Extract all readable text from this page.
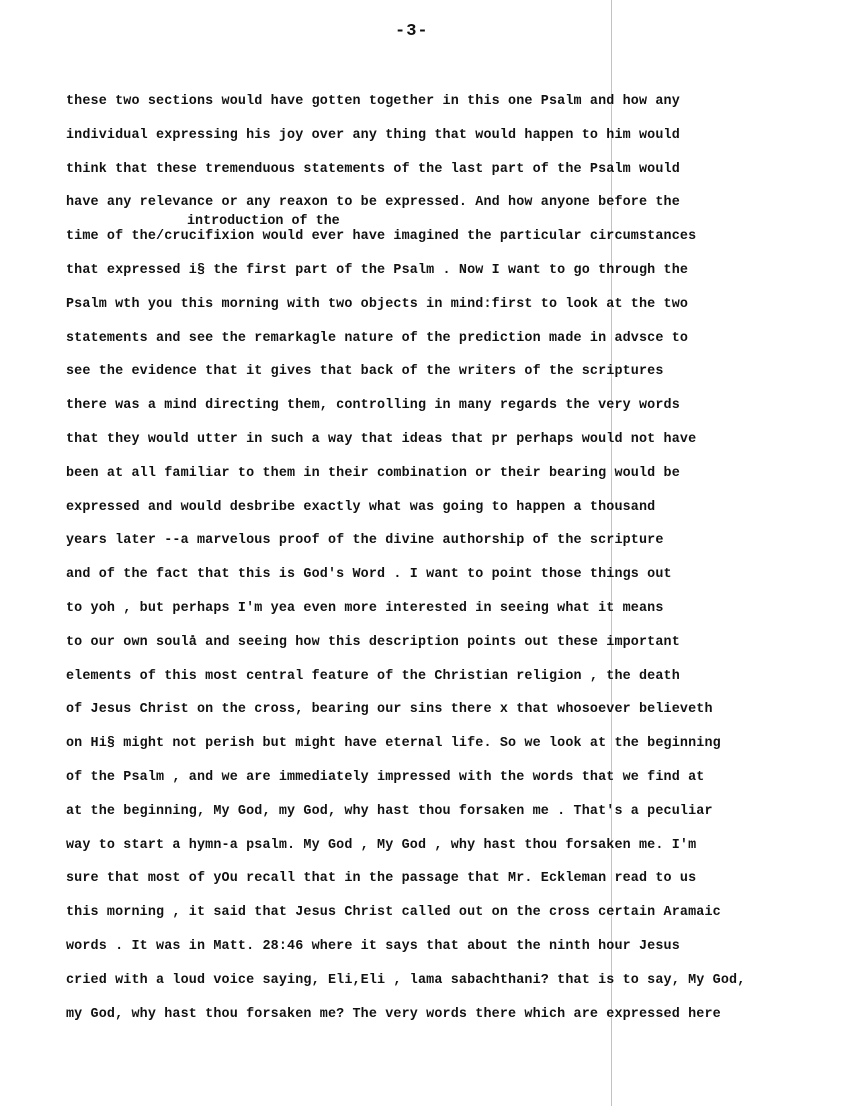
-3-
introduction of the
these two sections would have gotten together in this one Psalm and how any
individual expressing his joy over any thing that would happen to him would
think that these tremenduous statements of the last part of the Psalm would
have any relevance or any reaxon to be expressed. And how anyone before the
time of the/crucifixion would ever have imagined the particular circumstances
that expressed i§ the first part of the Psalm . Now I want to go through the
Psalm wth you this morning with two objects in mind:first to look at the two
statements and see the remarkagle nature of the prediction made in advsce to
see the evidence that it gives that back of the writers of the scriptures
there was a mind directing them, controlling in many regards the very words
that they would utter in such a way that ideas that pr perhaps would not have
been at all familiar to them in their combination or their bearing would be
expressed and would desbribe exactly what was going to happen a thousand
years later --a marvelous proof of the divine authorship of the scripture
and of the fact that this is God's Word . I want to point those things out
to yoh , but perhaps I'm yea even more interested in seeing what it means
to our own soulå and seeing how this description points out these important
elements of this most central feature of the Christian religion , the death
of Jesus Christ on the cross, bearing our sins there x that whosoever believeth
on Hi§ might not perish but might have eternal life. So we look at the beginning
of the Psalm , and we are immediately impressed with the words that we find at
at the beginning, My God, my God, why hast thou forsaken me . That's a peculiar
way to start a hymn-a psalm. My God , My God , why hast thou forsaken me. I'm
sure that most of yOu recall that in the passage that Mr. Eckleman read to us
this morning , it said that Jesus Christ called out on the cross certain Aramaic
words . It was in Matt. 28:46 where it says that about the ninth hour Jesus
cried with a loud voice saying, Eli,Eli , lama sabachthani? that is to say, My God,
my God, why hast thou forsaken me? The very words there which are expressed here
